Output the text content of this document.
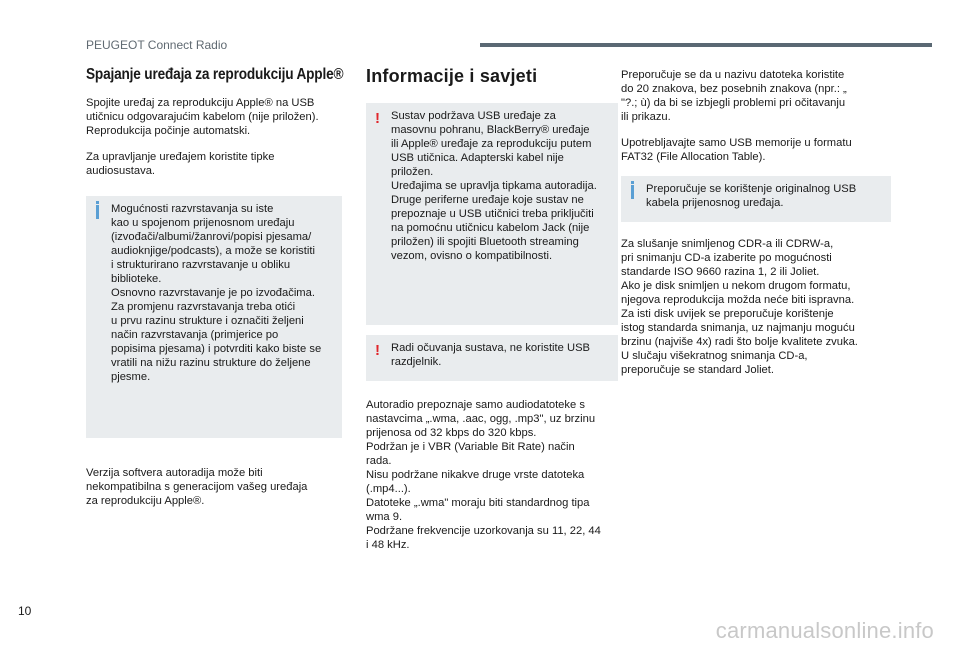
PEUGEOT Connect Radio
Spajanje uređaja za reprodukciju Apple®

Spojite uređaj za reprodukciju Apple® na USB
utičnicu odgovarajućim kabelom (nije priložen).
Reprodukcija počinje automatski.

Za upravljanje uređajem koristite tipke
audiosustava.

Mogućnosti razvrstavanja su iste
kao u spojenom prijenosnom uređaju
(izvođači/albumi/žanrovi/popisi pjesama/
audioknjige/podcasts), a može se koristiti
i strukturirano razvrstavanje u obliku
biblioteke.
Osnovno razvrstavanje je po izvođačima.
Za promjenu razvrstavanja treba otići
u prvu razinu strukture i označiti željeni
način razvrstavanja (primjerice po
popisima pjesama) i potvrditi kako biste se
vratili na nižu razinu strukture do željene
pjesme.

Verzija softvera autoradija može biti
nekompatibilna s generacijom vašeg uređaja
za reprodukciju Apple®.

Informacije i savjeti
! Sustav podržava USB uređaje za
masovnu pohranu, BlackBerry® uređaje
ili Apple® uređaje za reprodukciju putem
USB utičnica. Adapterski kabel nije
priložen.
Uređajima se upravlja tipkama autoradija.
Druge periferne uređaje koje sustav ne
prepoznaje u USB utičnici treba priključiti
na pomoćnu utičnicu kabelom Jack (nije
priložen) ili spojiti Bluetooth streaming
vezom, ovisno o kompatibilnosti.

! Radi očuvanja sustava, ne koristite USB
razdjelnik.

Autoradio prepoznaje samo audiodatoteke s
nastavcima „.wma, .aac, ogg, .mp3", uz brzinu
prijenosa od 32 kbps do 320 kbps.
Podržan je i VBR (Variable Bit Rate) način
rada.
Nisu podržane nikakve druge vrste datoteka
(.mp4...).
Datoteke „.wma" moraju biti standardnog tipa
wma 9.
Podržane frekvencije uzorkovanja su 11, 22, 44
i 48 kHz.

Preporučuje se da u nazivu datoteka koristite
do 20 znakova, bez posebnih znakova (npr.: „
"?.; ù) da bi se izbjegli problemi pri očitavanju
ili prikazu.

Upotrebljavajte samo USB memorije u formatu
FAT32 (File Allocation Table).

Preporučuje se korištenje originalnog USB
kabela prijenosnog uređaja.

Za slušanje snimljenog CDR-a ili CDRW-a,
pri snimanju CD-a izaberite po mogućnosti
standarde ISO 9660 razina 1, 2 ili Joliet.
Ako je disk snimljen u nekom drugom formatu,
njegova reprodukcija možda neće biti ispravna.
Za isti disk uvijek se preporučuje korištenje
istog standarda snimanja, uz najmanju moguću
brzinu (najviše 4x) radi što bolje kvalitete zvuka.
U slučaju višekratnog snimanja CD-a,
preporučuje se standard Joliet.

10
carmanualsonline.info
